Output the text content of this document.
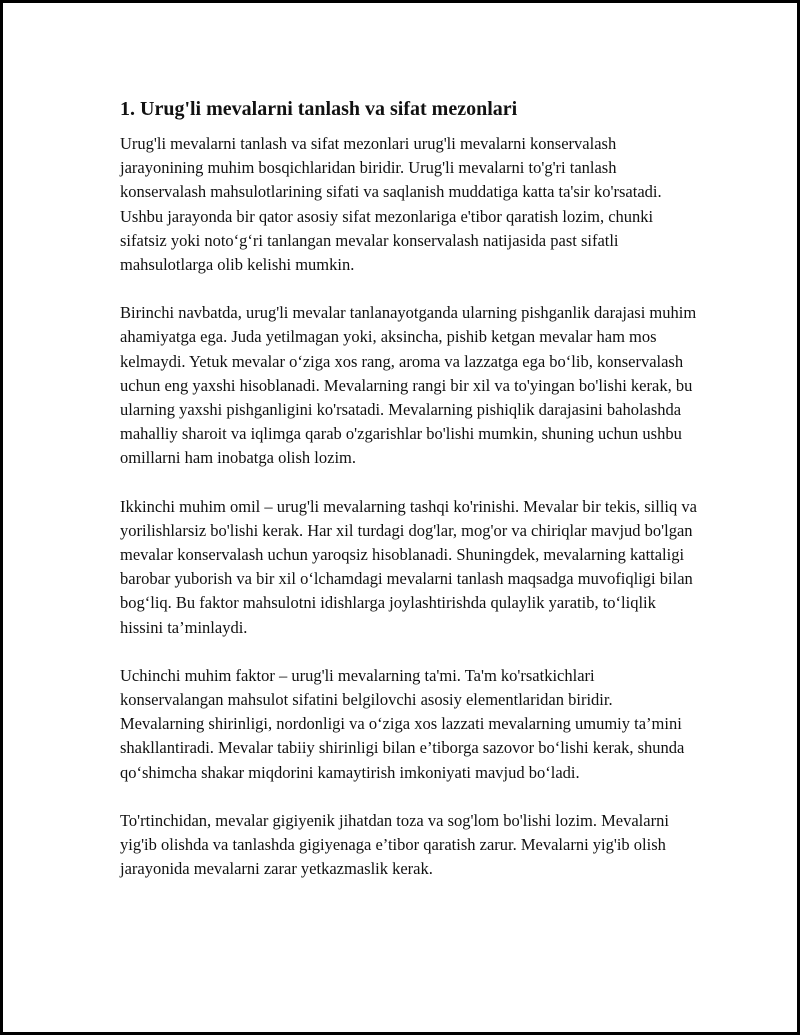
1. Urug'li mevalarni tanlash va sifat mezonlari

Urug'li mevalarni tanlash va sifat mezonlari urug'li mevalarni konservalash jarayonining muhim bosqichlaridan biridir. Urug'li mevalarni to'g'ri tanlash konservalash mahsulotlarining sifati va saqlanish muddatiga katta ta'sir ko'rsatadi. Ushbu jarayonda bir qator asosiy sifat mezonlariga e'tibor qaratish lozim, chunki sifatsiz yoki noto‘g‘ri tanlangan mevalar konservalash natijasida past sifatli mahsulotlarga olib kelishi mumkin.

Birinchi navbatda, urug'li mevalar tanlanayotganda ularning pishganlik darajasi muhim ahamiyatga ega. Juda yetilmagan yoki, aksincha, pishib ketgan mevalar ham mos kelmaydi. Yetuk mevalar o‘ziga xos rang, aroma va lazzatga ega bo‘lib, konservalash uchun eng yaxshi hisoblanadi. Mevalarning rangi bir xil va to'yingan bo'lishi kerak, bu ularning yaxshi pishganligini ko'rsatadi. Mevalarning pishiqlik darajasini baholashda mahalliy sharoit va iqlimga qarab o'zgarishlar bo'lishi mumkin, shuning uchun ushbu omillarni ham inobatga olish lozim.

Ikkinchi muhim omil – urug'li mevalarning tashqi ko'rinishi. Mevalar bir tekis, silliq va yorilishlarsiz bo'lishi kerak. Har xil turdagi dog'lar, mog'or va chiriqlar mavjud bo'lgan mevalar konservalash uchun yaroqsiz hisoblanadi. Shuningdek, mevalarning kattaligi barobar yuborish va bir xil o‘lchamdagi mevalarni tanlash maqsadga muvofiqligi bilan bog‘liq. Bu faktor mahsulotni idishlarga joylashtirishda qulaylik yaratib, to‘liqlik hissini ta’minlaydi.

Uchinchi muhim faktor – urug'li mevalarning ta'mi. Ta'm ko'rsatkichlari konservalangan mahsulot sifatini belgilovchi asosiy elementlaridan biridir. Mevalarning shirinligi, nordonligi va o‘ziga xos lazzati mevalarning umumiy ta’mini shakllantiradi. Mevalar tabiiy shirinligi bilan e’tiborga sazovor bo‘lishi kerak, shunda qo‘shimcha shakar miqdorini kamaytirish imkoniyati mavjud bo‘ladi.

To'rtinchidan, mevalar gigiyenik jihatdan toza va sog'lom bo'lishi lozim. Mevalarni yig'ib olishda va tanlashda gigiyenaga e’tibor qaratish zarur. Mevalarni yig'ib olish jarayonida mevalarni zarar yetkazmaslik kerak.
